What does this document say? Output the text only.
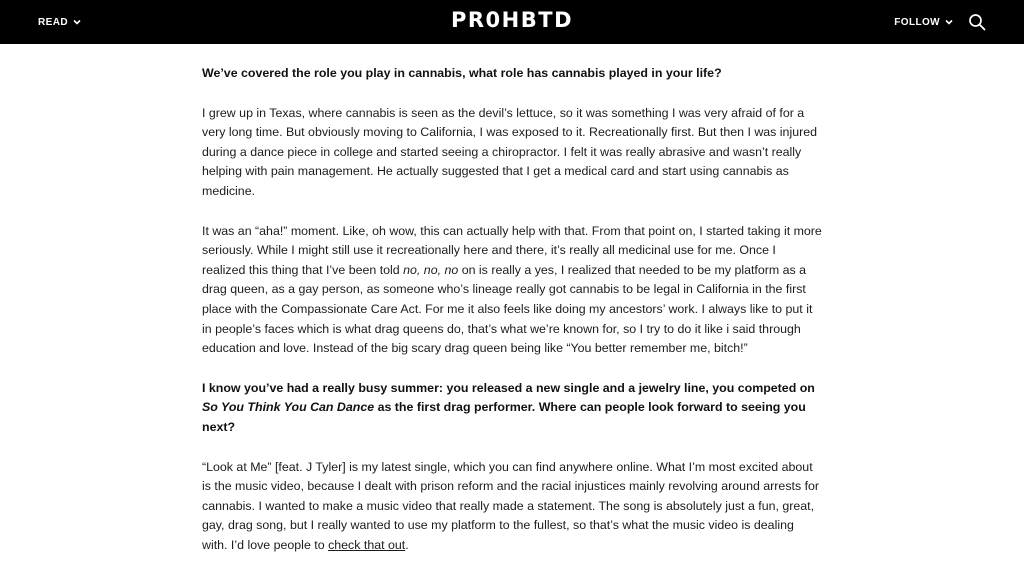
READ	PR0HBTD	FOLLOW

We’ve covered the role you play in cannabis, what role has cannabis played in your life?

I grew up in Texas, where cannabis is seen as the devil’s lettuce, so it was something I was very afraid of for a very long time. But obviously moving to California, I was exposed to it. Recreationally first. But then I was injured during a dance piece in college and started seeing a chiropractor. I felt it was really abrasive and wasn’t really helping with pain management. He actually suggested that I get a medical card and start using cannabis as medicine.

It was an “aha!” moment. Like, oh wow, this can actually help with that. From that point on, I started taking it more seriously. While I might still use it recreationally here and there, it’s really all medicinal use for me. Once I realized this thing that I’ve been told no, no, no on is really a yes, I realized that needed to be my platform as a drag queen, as a gay person, as someone who’s lineage really got cannabis to be legal in California in the first place with the Compassionate Care Act. For me it also feels like doing my ancestors’ work. I always like to put it in people’s faces which is what drag queens do, that’s what we’re known for, so I try to do it like i said through education and love. Instead of the big scary drag queen being like “You better remember me, bitch!”

I know you’ve had a really busy summer: you released a new single and a jewelry line, you competed on So You Think You Can Dance as the first drag performer. Where can people look forward to seeing you next?

“Look at Me” [feat. J Tyler] is my latest single, which you can find anywhere online. What I’m most excited about is the music video, because I dealt with prison reform and the racial injustices mainly revolving around arrests for cannabis. I wanted to make a music video that really made a statement. The song is absolutely just a fun, great, gay, drag song, but I really wanted to use my platform to the fullest, so that’s what the music video is dealing with. I’d love people to check that out.
